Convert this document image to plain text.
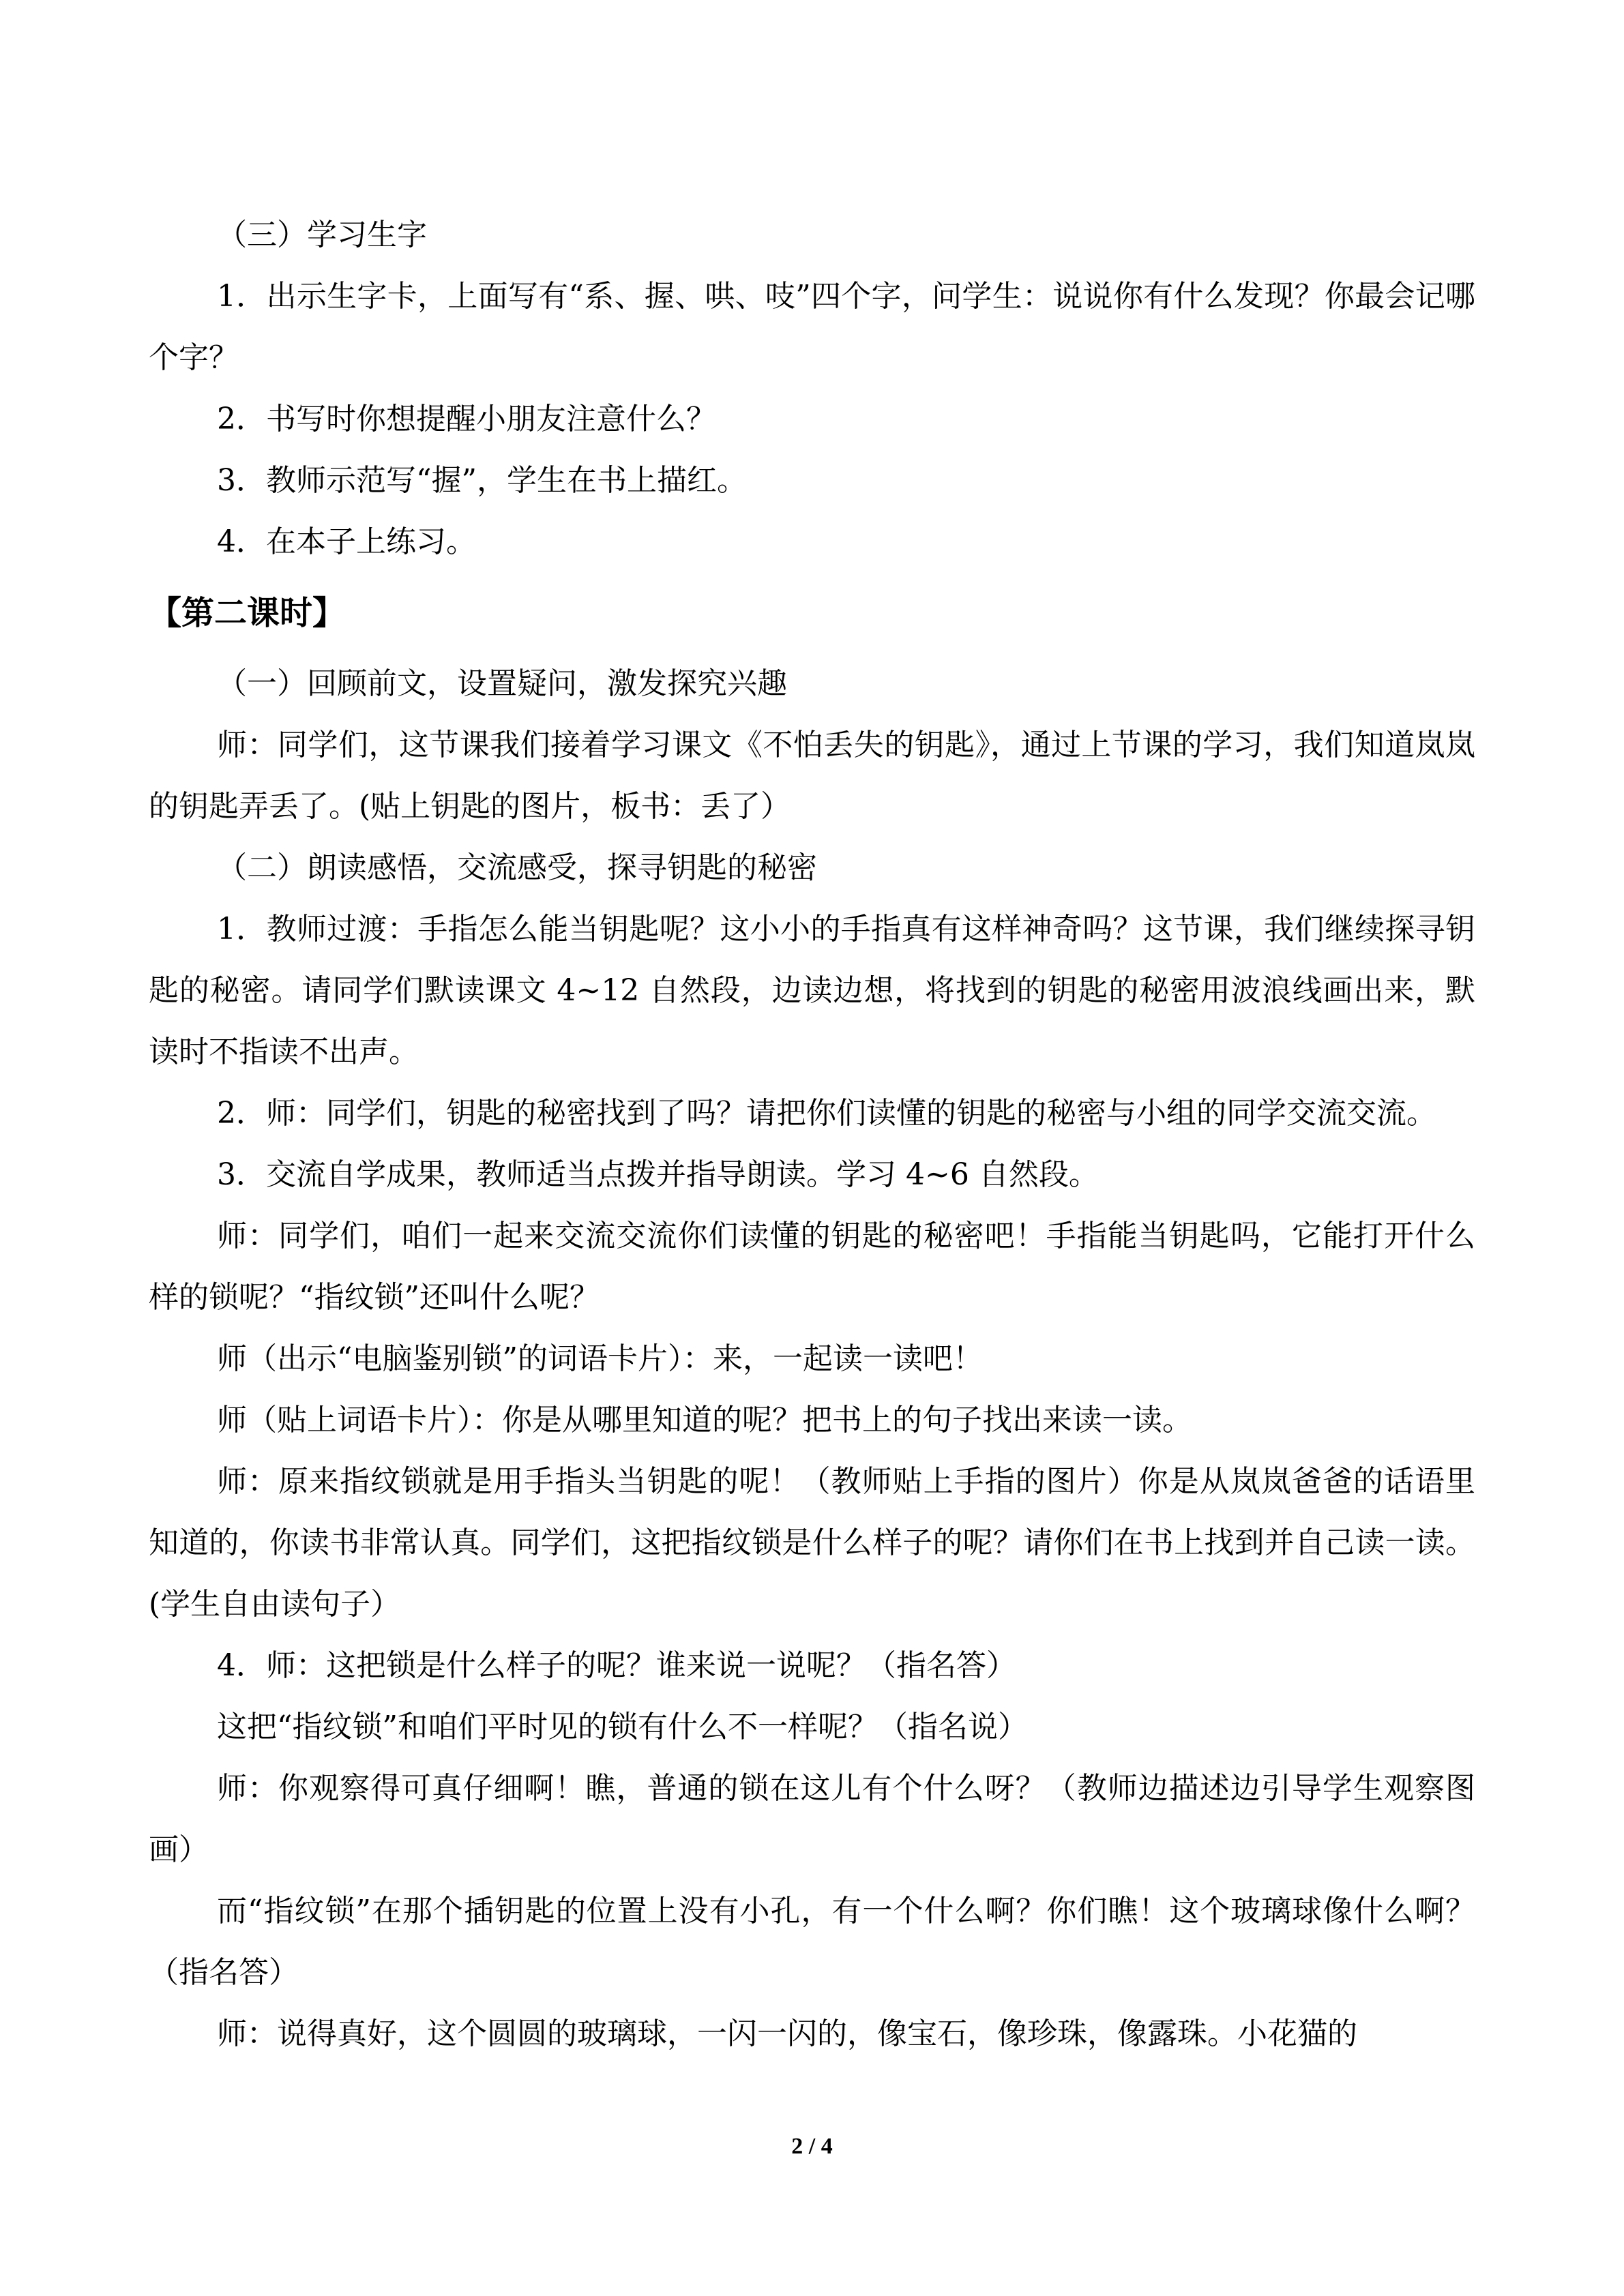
（三）学习生字

1．出示生字卡，上面写有“系、握、哄、吱”四个字，问学生：说说你有什么发现？你最会记哪个字？

2．书写时你想提醒小朋友注意什么？

3．教师示范写“握”，学生在书上描红。

4．在本子上练习。

【第二课时】

（一）回顾前文，设置疑问，激发探究兴趣

师：同学们，这节课我们接着学习课文《不怕丢失的钥匙》，通过上节课的学习，我们知道岚岚的钥匙弄丢了。(贴上钥匙的图片，板书：丢了）

（二）朗读感悟，交流感受，探寻钥匙的秘密

1．教师过渡：手指怎么能当钥匙呢？这小小的手指真有这样神奇吗？这节课，我们继续探寻钥匙的秘密。请同学们默读课文 4~12 自然段，边读边想，将找到的钥匙的秘密用波浪线画出来，默读时不指读不出声。

2．师：同学们，钥匙的秘密找到了吗？请把你们读懂的钥匙的秘密与小组的同学交流交流。

3．交流自学成果，教师适当点拨并指导朗读。学习 4~6 自然段。

师：同学们，咱们一起来交流交流你们读懂的钥匙的秘密吧！手指能当钥匙吗，它能打开什么样的锁呢？“指纹锁”还叫什么呢？

师（出示“电脑鉴别锁”的词语卡片）：来，一起读一读吧！

师（贴上词语卡片）：你是从哪里知道的呢？把书上的句子找出来读一读。

师：原来指纹锁就是用手指头当钥匙的呢！（教师贴上手指的图片）你是从岚岚爸爸的话语里知道的，你读书非常认真。同学们，这把指纹锁是什么样子的呢？请你们在书上找到并自己读一读。(学生自由读句子）

4．师：这把锁是什么样子的呢？谁来说一说呢？（指名答）

这把“指纹锁”和咱们平时见的锁有什么不一样呢？（指名说）

师：你观察得可真仔细啊！瞧，普通的锁在这儿有个什么呀？（教师边描述边引导学生观察图画）

而“指纹锁”在那个插钥匙的位置上没有小孔，有一个什么啊？你们瞧！这个玻璃球像什么啊？（指名答）

师：说得真好，这个圆圆的玻璃球，一闪一闪的，像宝石，像珍珠，像露珠。小花猫的

2 / 4
